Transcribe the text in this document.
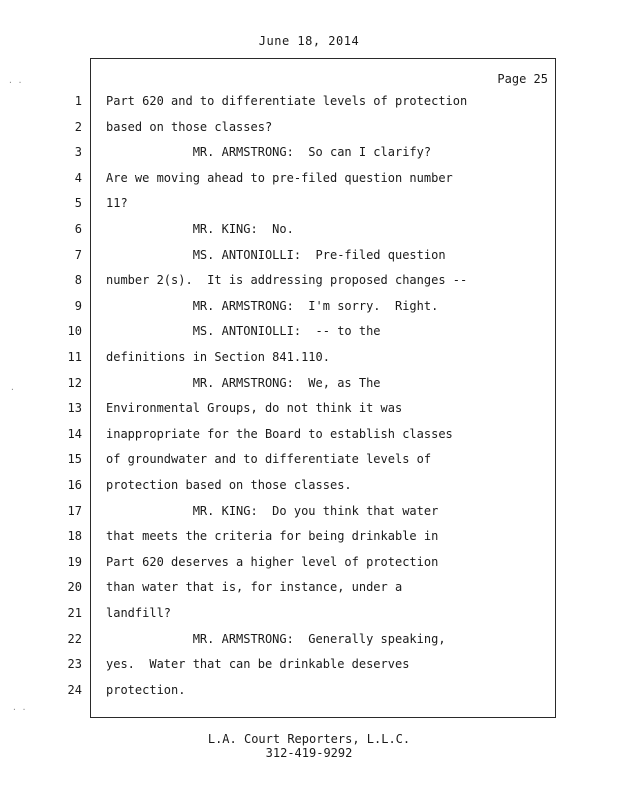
June 18, 2014
Page 25
1 Part 620 and to differentiate levels of protection
2 based on those classes?
3 MR. ARMSTRONG:  So can I clarify?
4 Are we moving ahead to pre-filed question number
5 11?
6 MR. KING:  No.
7 MS. ANTONIOLLI:  Pre-filed question
8 number 2(s).  It is addressing proposed changes --
9 MR. ARMSTRONG:  I'm sorry.  Right.
10 MS. ANTONIOLLI:  -- to the
11 definitions in Section 841.110.
12 MR. ARMSTRONG:  We, as The
13 Environmental Groups, do not think it was
14 inappropriate for the Board to establish classes
15 of groundwater and to differentiate levels of
16 protection based on those classes.
17 MR. KING:  Do you think that water
18 that meets the criteria for being drinkable in
19 Part 620 deserves a higher level of protection
20 than water that is, for instance, under a
21 landfill?
22 MR. ARMSTRONG:  Generally speaking,
23 yes.  Water that can be drinkable deserves
24 protection.
L.A. Court Reporters, L.L.C.
312-419-9292
· ·
·
· ·
